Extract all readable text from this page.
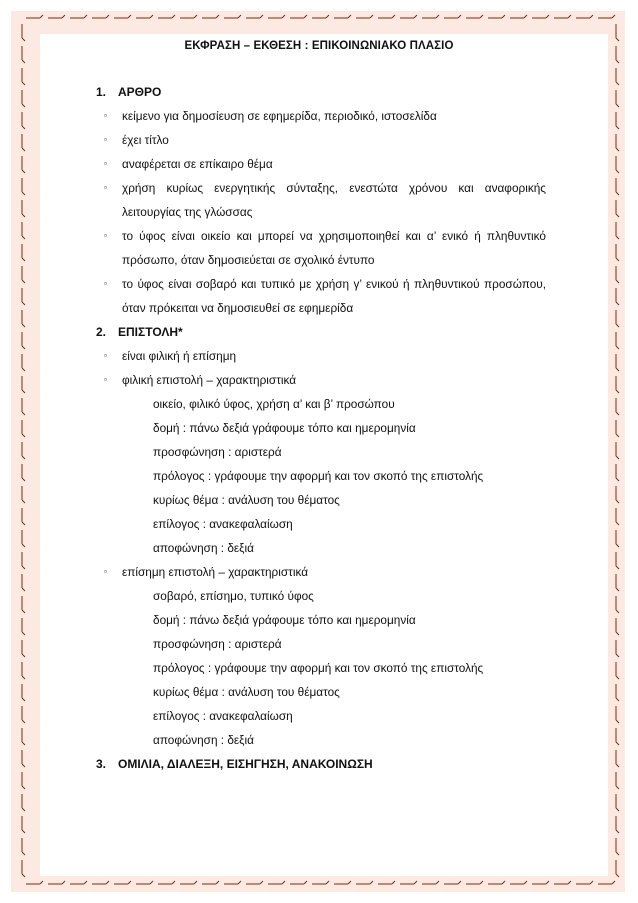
ΕΚΦΡΑΣΗ – ΕΚΘΕΣΗ : ΕΠΙΚΟΙΝΩΝΙΑΚΟ ΠΛΑΣΙΟ
1. ΑΡΘΡΟ
▫ κείμενο για δημοσίευση σε εφημερίδα, περιοδικό, ιστοσελίδα
▫ έχει τίτλο
▫ αναφέρεται σε επίκαιρο θέμα
▫ χρήση κυρίως ενεργητικής σύνταξης, ενεστώτα χρόνου και αναφορικής λειτουργίας της γλώσσας
▫ το ύφος είναι οικείο και μπορεί να χρησιμοποιηθεί και α’ ενικό ή πληθυντικό πρόσωπο, όταν δημοσιεύεται σε σχολικό έντυπο
▫ το ύφος είναι σοβαρό και τυπικό με χρήση γ’ ενικού ή πληθυντικού προσώπου, όταν πρόκειται να δημοσιευθεί σε εφημερίδα
2. ΕΠΙΣΤΟΛΗ*
▫ είναι φιλική ή επίσημη
▫ φιλική επιστολή – χαρακτηριστικά
οικείο, φιλικό ύφος, χρήση α’ και β’ προσώπου
δομή : πάνω δεξιά γράφουμε τόπο και ημερομηνία
προσφώνηση : αριστερά
πρόλογος : γράφουμε την αφορμή και τον σκοπό της επιστολής
κυρίως θέμα : ανάλυση του θέματος
επίλογος : ανακεφαλαίωση
αποφώνηση : δεξιά
▫ επίσημη επιστολή – χαρακτηριστικά
σοβαρό, επίσημο, τυπικό ύφος
δομή : πάνω δεξιά γράφουμε τόπο και ημερομηνία
προσφώνηση : αριστερά
πρόλογος : γράφουμε την αφορμή και τον σκοπό της επιστολής
κυρίως θέμα : ανάλυση του θέματος
επίλογος : ανακεφαλαίωση
αποφώνηση : δεξιά
3. ΟΜΙΛΙΑ, ΔΙΑΛΕΞΗ, ΕΙΣΗΓΗΣΗ, ΑΝΑΚΟΙΝΩΣΗ
